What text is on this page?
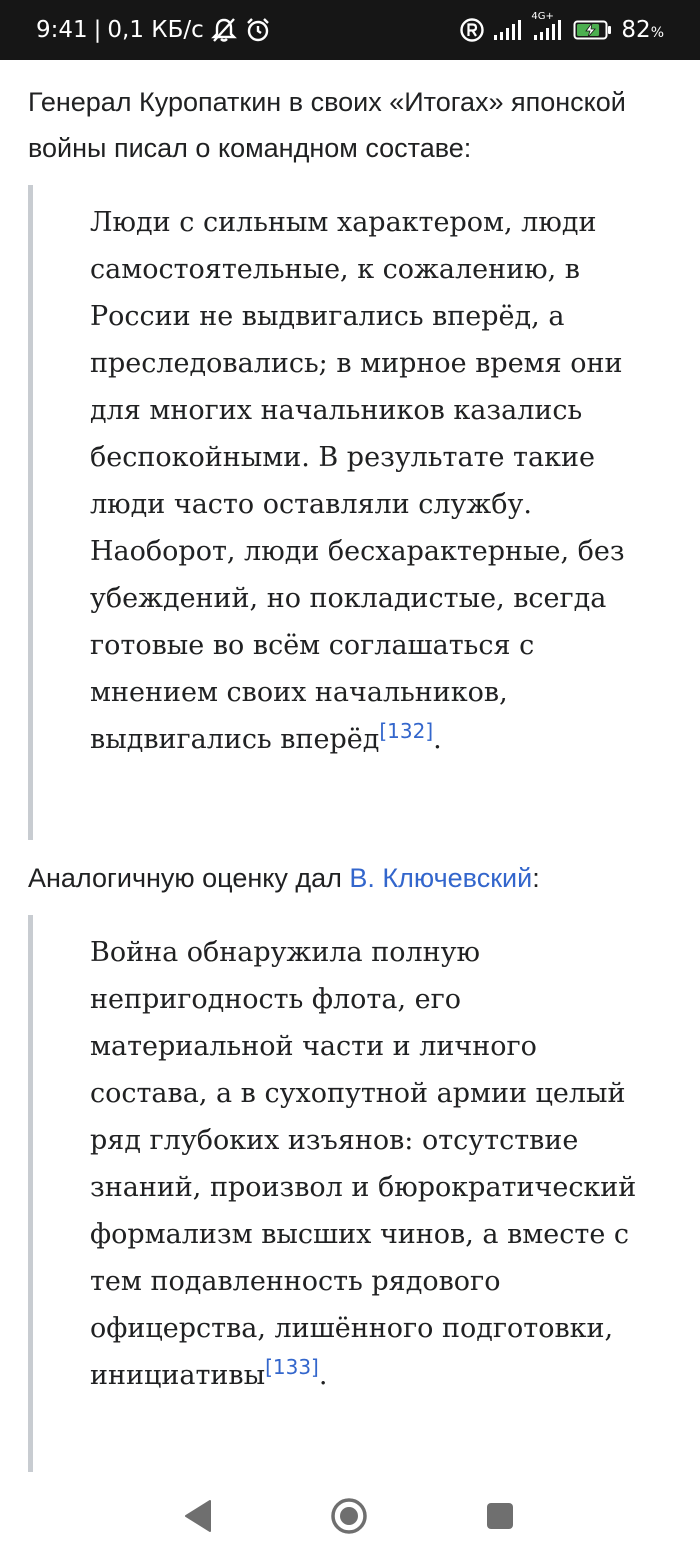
9:41 | 0,1 КБ/с
4G+
82%

Генерал Куропаткин в своих «Итогах» японской войны писал о командном составе:

Люди с сильным характером, люди самостоятельные, к сожалению, в России не выдвигались вперёд, а преследовались; в мирное время они для многих начальников казались беспокойными. В результате такие люди часто оставляли службу. Наоборот, люди бесхарактерные, без убеждений, но покладистые, всегда готовые во всём соглашаться с мнением своих начальников, выдвигались вперёд[132].

Аналогичную оценку дал В. Ключевский:

Война обнаружила полную непригодность флота, его материальной части и личного состава, а в сухопутной армии целый ряд глубоких изъянов: отсутствие знаний, произвол и бюрократический формализм высших чинов, а вместе с тем подавленность рядового офицерства, лишённого подготовки, инициативы[133].
